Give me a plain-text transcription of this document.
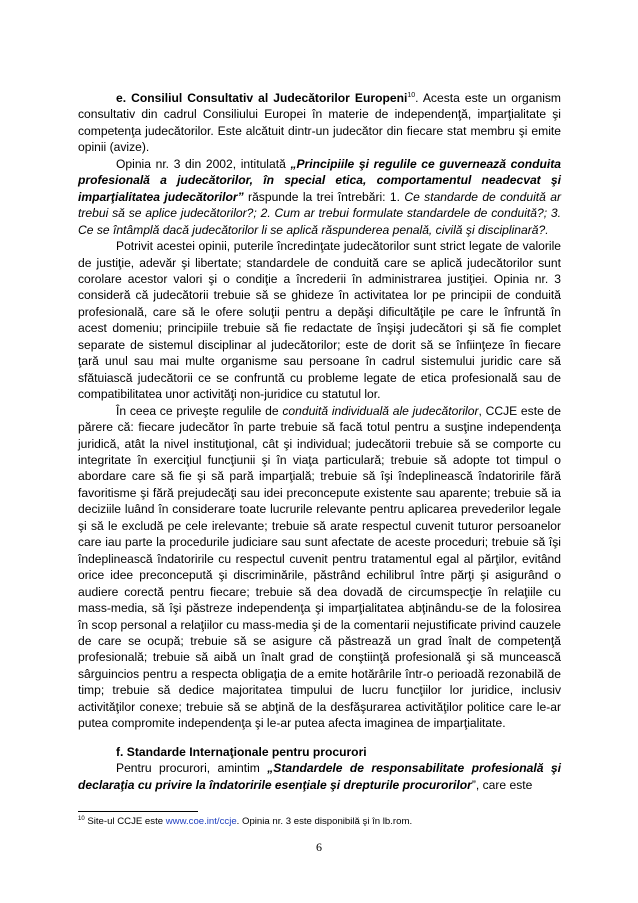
e. Consiliul Consultativ al Judecătorilor Europeni$^{10}$. Acesta este un organism consultativ din cadrul Consiliului Europei în materie de independenţă, imparţialitate şi competenţa judecătorilor. Este alcătuit dintr-un judecător din fiecare stat membru şi emite opinii (avize).

Opinia nr. 3 din 2002, intitulată „Principiile şi regulile ce guvernează conduita profesională a judecătorilor, în special etica, comportamentul neadecvat şi imparţialitatea judecătorilor” răspunde la trei întrebări: 1. Ce standarde de conduită ar trebui să se aplice judecătorilor?; 2. Cum ar trebui formulate standardele de conduită?; 3. Ce se întâmplă dacă judecătorilor li se aplică răspunderea penală, civilă şi disciplinară?.

Potrivit acestei opinii, puterile încredinţate judecătorilor sunt strict legate de valorile de justiţie, adevăr şi libertate; standardele de conduită care se aplică judecătorilor sunt corolare acestor valori şi o condiţie a încrederii în administrarea justiţiei. Opinia nr. 3 consideră că judecătorii trebuie să se ghideze în activitatea lor pe principii de conduită profesională, care să le ofere soluţii pentru a depăşi dificultăţile pe care le înfruntă în acest domeniu; principiile trebuie să fie redactate de înşişi judecători şi să fie complet separate de sistemul disciplinar al judecătorilor; este de dorit să se înfiinţeze în fiecare ţară unul sau mai multe organisme sau persoane în cadrul sistemului juridic care să sfătuiască judecătorii ce se confruntă cu probleme legate de etica profesională sau de compatibilitatea unor activităţi non-juridice cu statutul lor.

În ceea ce priveşte regulile de conduită individuală ale judecătorilor, CCJE este de părere că: fiecare judecător în parte trebuie să facă totul pentru a susţine independenţa juridică, atât la nivel instituţional, cât şi individual; judecătorii trebuie să se comporte cu integritate în exerciţiul funcţiunii şi în viaţa particulară; trebuie să adopte tot timpul o abordare care să fie şi să pară imparţială; trebuie să îşi îndeplinească îndatoririle fără favoritisme şi fără prejudecăţi sau idei preconcepute existente sau aparente; trebuie să ia deciziile luând în considerare toate lucrurile relevante pentru aplicarea prevederilor legale şi să le excludă pe cele irelevante; trebuie să arate respectul cuvenit tuturor persoanelor care iau parte la procedurile judiciare sau sunt afectate de aceste proceduri; trebuie să îşi îndeplinească îndatoririle cu respectul cuvenit pentru tratamentul egal al părţilor, evitând orice idee preconcepută şi discriminările, păstrând echilibrul între părţi şi asigurând o audiere corectă pentru fiecare; trebuie să dea dovadă de circumspecţie în relaţiile cu mass-media, să îşi păstreze independenţa şi imparţialitatea abţinându-se de la folosirea în scop personal a relaţiilor cu mass-media şi de la comentarii nejustificate privind cauzele de care se ocupă; trebuie să se asigure că păstrează un grad înalt de competenţă profesională; trebuie să aibă un înalt grad de conştiinţă profesională şi să muncească sârguincios pentru a respecta obligaţia de a emite hotărârile într-o perioadă rezonabilă de timp; trebuie să dedice majoritatea timpului de lucru funcţiilor lor juridice, inclusiv activităţilor conexe; trebuie să se abţină de la desfăşurarea activităţilor politice care le-ar putea compromite independenţa şi le-ar putea afecta imaginea de imparţialitate.

f. Standarde Internaţionale pentru procurori

Pentru procurori, amintim „Standardele de responsabilitate profesională şi declaraţia cu privire la îndatoririle esenţiale şi drepturile procurorilor”, care este

$^{10}$ Site-ul CCJE este www.coe.int/ccje. Opinia nr. 3 este disponibilă şi în lb.rom.
6
